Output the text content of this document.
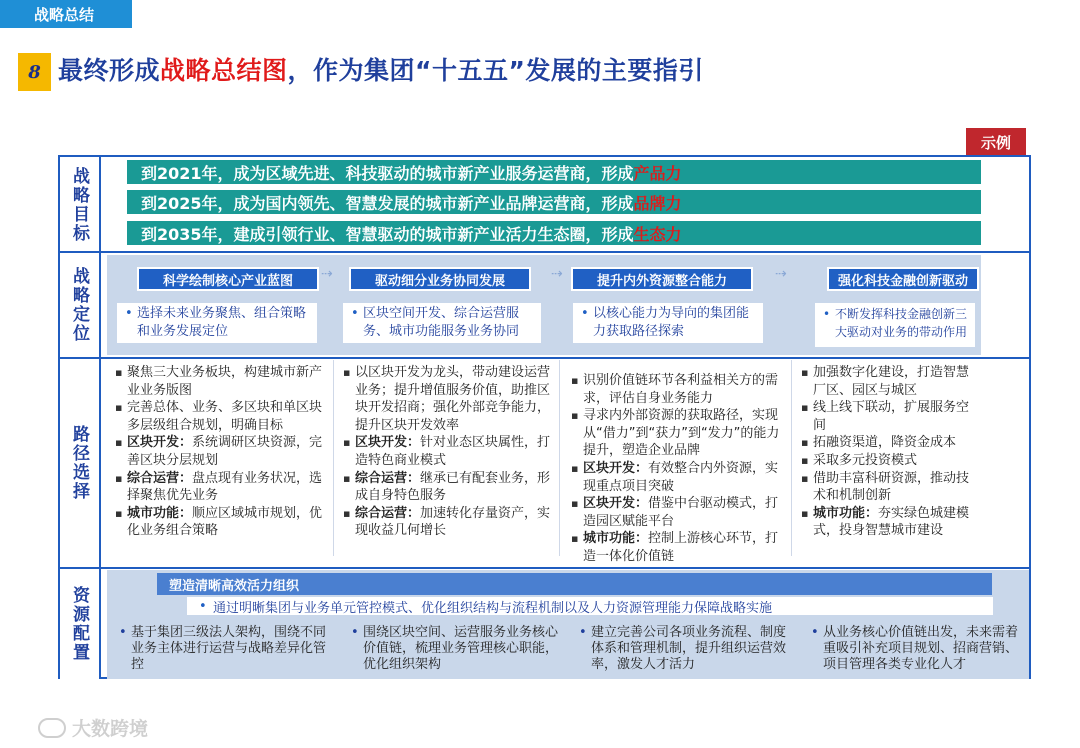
战略总结
8 最终形成战略总结图，作为集团“十五五”发展的主要指引
示例
战略目标	到2021年，成为区域先进、科技驱动的城市新产业服务运营商，形成 产品力
到2025年，成为国内领先、智慧发展的城市新产业品牌运营商，形成 品牌力
到2035年，建成引领行业、智慧驱动的城市新产业活力生态圈，形成 生态力
战略定位	科学绘制核心产业蓝图
• 选择未来业务聚焦、组合策略和业务发展定位
⇢	驱动细分业务协同发展
• 区块空间开发、综合运营服务、城市功能服务业务协同
⇢	提升内外资源整合能力
• 以核心能力为导向的集团能力获取路径探索
⇢	强化科技金融创新驱动
• 不断发挥科技金融创新三大驱动对业务的带动作用
路径选择
▪ 聚焦三大业务板块，构建城市新产业业务版图
▪ 完善总体、业务、多区块和单区块多层级组合规划，明确目标
▪ 区块开发：系统调研区块资源，完善区块分层规划
▪ 综合运营：盘点现有业务状况，选择聚焦优先业务
▪ 城市功能：顺应区域城市规划，优化业务组合策略
▪ 以区块开发为龙头，带动建设运营业务；提升增值服务价值，助推区块开发招商；强化外部竞争能力，提升区块开发效率
▪ 区块开发：针对业态区块属性，打造特色商业模式
▪ 综合运营：继承已有配套业务，形成自身特色服务
▪ 综合运营：加速转化存量资产，实现收益几何增长
▪ 识别价值链环节各利益相关方的需求，评估自身业务能力
▪ 寻求内外部资源的获取路径，实现从“借力”到“获力”到“发力”的能力提升，塑造企业品牌
▪ 区块开发：有效整合内外资源，实现重点项目突破
▪ 区块开发：借鉴中台驱动模式，打造园区赋能平台
▪ 城市功能：控制上游核心环节，打造一体化价值链
▪ 加强数字化建设，打造智慧厂区、园区与城区
▪ 线上线下联动，扩展服务空间
▪ 拓融资渠道，降资金成本
▪ 采取多元投资模式
▪ 借助丰富科研资源，推动技术和机制创新
▪ 城市功能：夯实绿色城建模式，投身智慧城市建设
资源配置	塑造清晰高效活力组织
• 通过明晰集团与业务单元管控模式、优化组织结构与流程机制以及人力资源管理能力保障战略实施
• 基于集团三级法人架构，围绕不同业务主体进行运营与战略差异化管控
• 围绕区块空间、运营服务业务核心价值链，梳理业务管理核心职能，优化组织架构
• 建立完善公司各项业务流程、制度体系和管理机制，提升组织运营效率，激发人才活力
• 从业务核心价值链出发，未来需着重吸引补充项目规划、招商营销、项目管理各类专业化人才
大数跨境
